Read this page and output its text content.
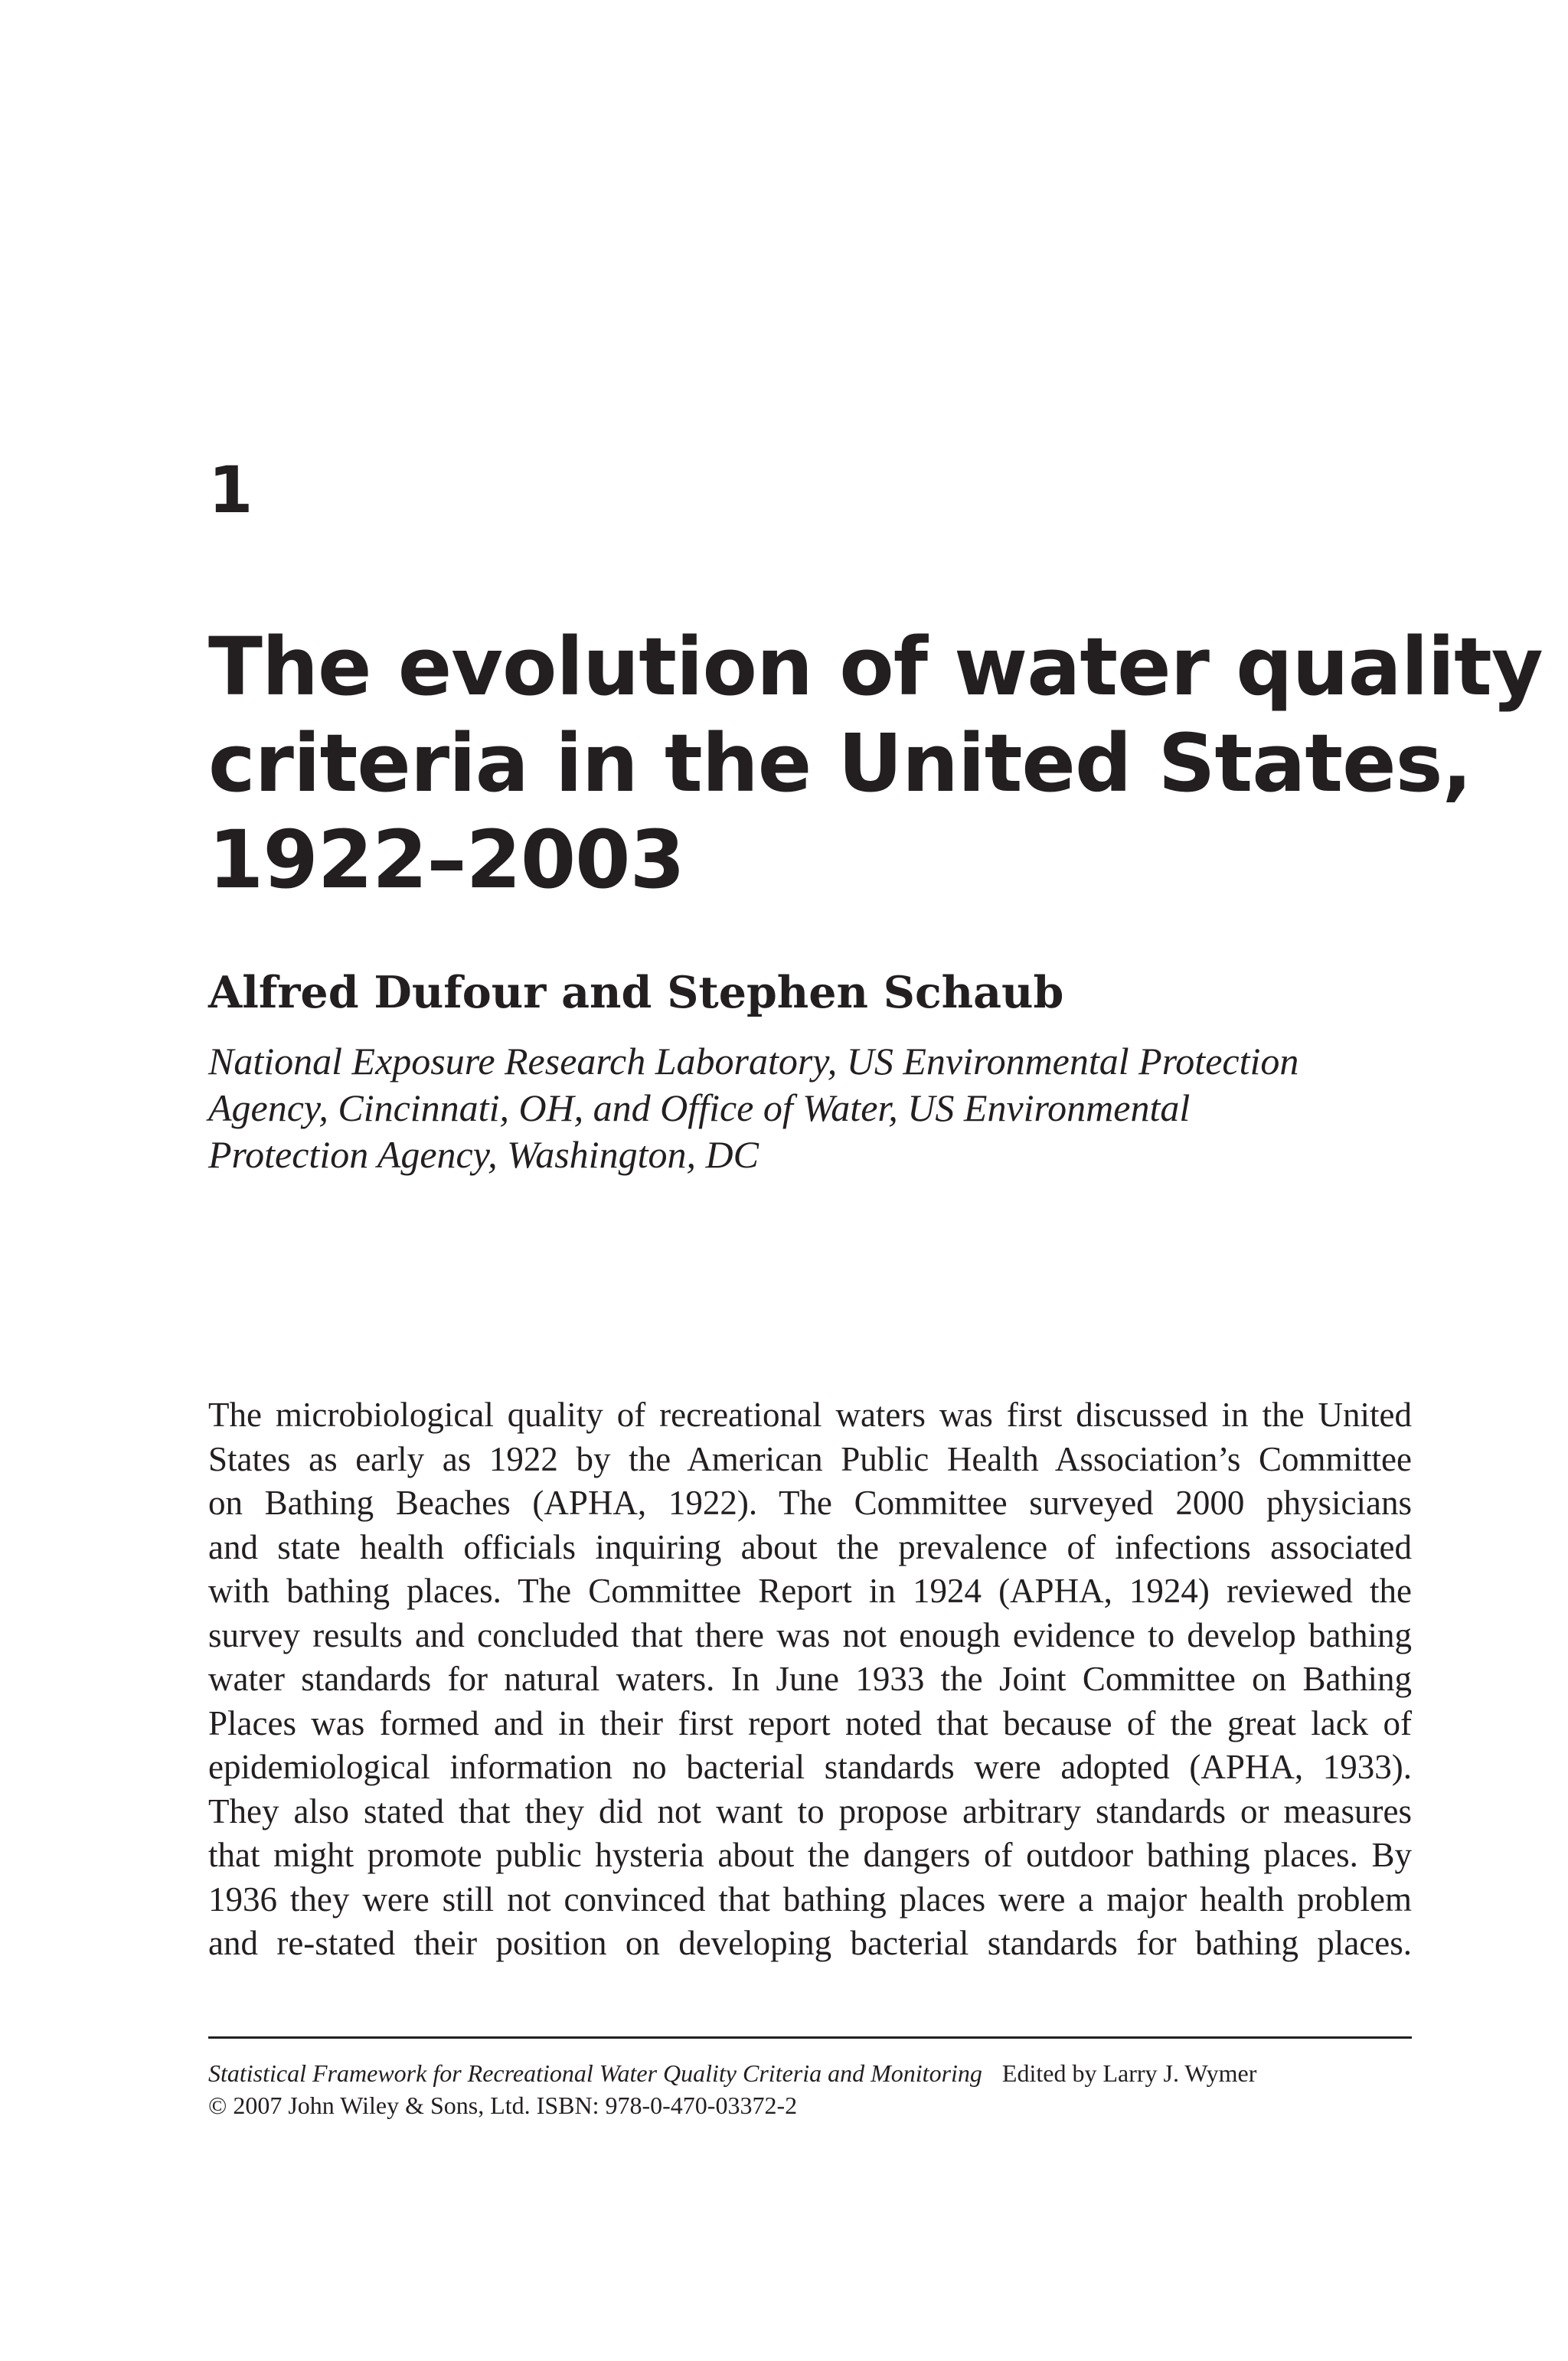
1
The evolution of water quality
criteria in the United States,
1922–2003
Alfred Dufour and Stephen Schaub
National Exposure Research Laboratory, US Environmental Protection
Agency, Cincinnati, OH, and Office of Water, US Environmental
Protection Agency, Washington, DC
The microbiological quality of recreational waters was first discussed in the United
States as early as 1922 by the American Public Health Association’s Committee
on Bathing Beaches (APHA, 1922). The Committee surveyed 2000 physicians
and state health officials inquiring about the prevalence of infections associated
with bathing places. The Committee Report in 1924 (APHA, 1924) reviewed the
survey results and concluded that there was not enough evidence to develop bathing
water standards for natural waters. In June 1933 the Joint Committee on Bathing
Places was formed and in their first report noted that because of the great lack of
epidemiological information no bacterial standards were adopted (APHA, 1933).
They also stated that they did not want to propose arbitrary standards or measures
that might promote public hysteria about the dangers of outdoor bathing places. By
1936 they were still not convinced that bathing places were a major health problem
and re-stated their position on developing bacterial standards for bathing places.
Statistical Framework for Recreational Water Quality Criteria and Monitoring Edited by Larry J. Wymer
© 2007 John Wiley & Sons, Ltd. ISBN: 978-0-470-03372-2
